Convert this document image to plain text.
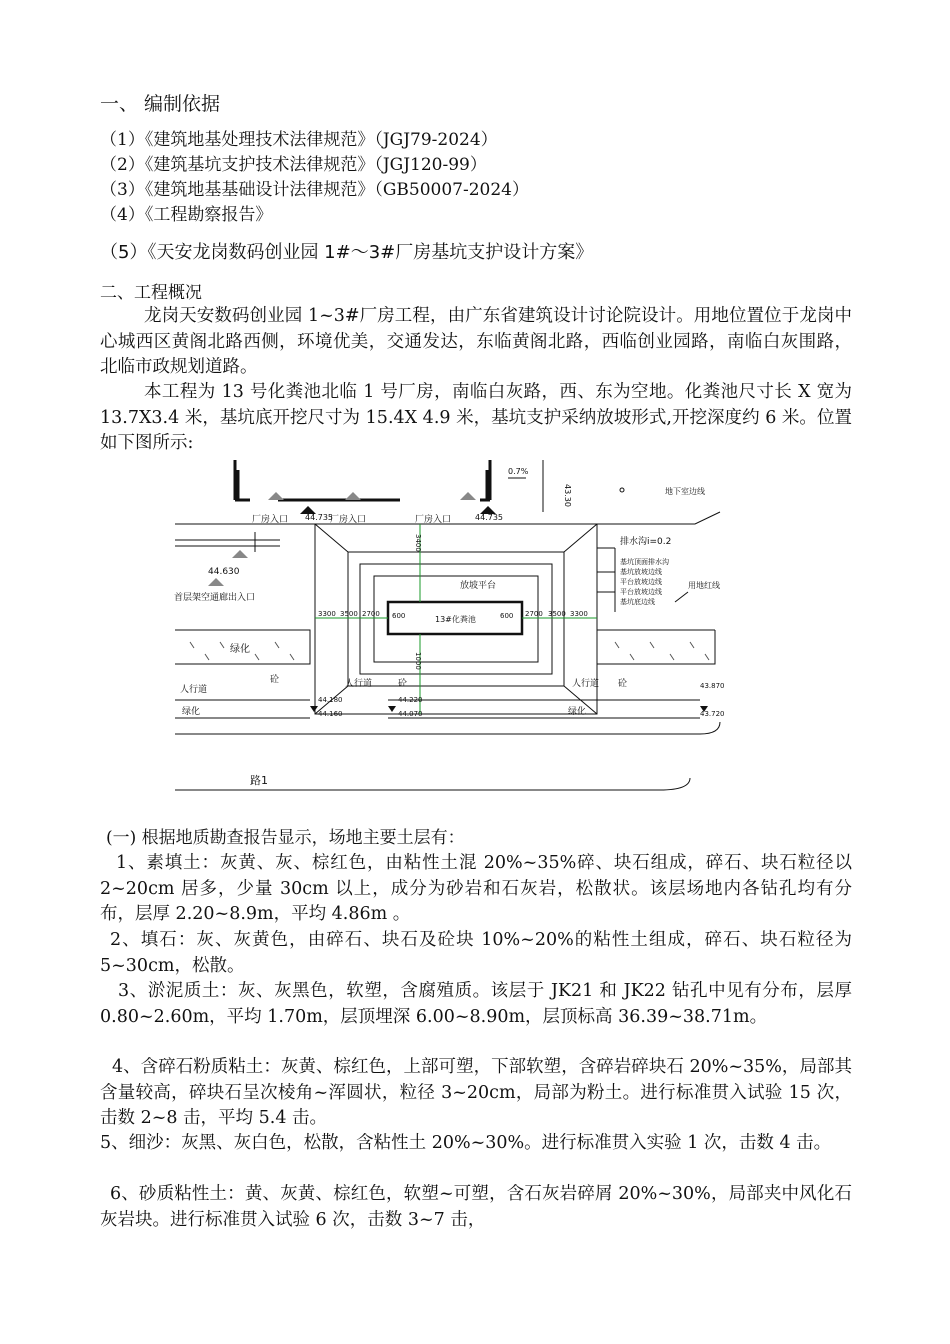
一、 编制依据
（1）《建筑地基处理技术法律规范》（JGJ79-2024）
（2）《建筑基坑支护技术法律规范》（JGJ120-99）
（3）《建筑地基基础设计法律规范》（GB50007-2024）
（4）《工程勘察报告》
（5）《天安龙岗数码创业园 1#～3#厂房基坑支护设计方案》
二、工程概况
龙岗天安数码创业园 1~3#厂房工程，由广东省建筑设计讨论院设计。用地位置位于龙岗中心城西区黄阁北路西侧，环境优美，交通发达，东临黄阁北路，西临创业园路，南临白灰围路，北临市政规划道路。
本工程为 13 号化粪池北临 1 号厂房，南临白灰路，西、东为空地。化粪池尺寸长 X 宽为 13.7X3.4 米，基坑底开挖尺寸为 15.4X 4.9 米，基坑支护采纳放坡形式,开挖深度约 6 米。位置如下图所示:
厂房入口	厂房入口	厂房入口
44.735	44.735
0.7%
43.30	地下室边线
44.630
首层架空通廊出入口
13#化粪池
放坡平台
3300 3500 2700 600	600 2700 3500 3300
3400
1000
排水沟i=0.2
基坑顶面排水沟
基坑放坡边线
平台放坡边线
平台放坡边线
基坑底边线
用地红线
绿化
人行道
人行道	人行道
砼	砼	砼
绿化	绿化
44.180
44.160
44.220
44.070
43.870
43.720
路1
(一) 根据地质勘查报告显示，场地主要土层有：
1、素填土：灰黄、灰、棕红色，由粘性土混 20%~35%碎、块石组成，碎石、块石粒径以 2~20cm 居多，少量 30cm 以上，成分为砂岩和石灰岩，松散状。该层场地内各钻孔均有分布，层厚 2.20~8.9m，平均 4.86m 。
2、填石：灰、灰黄色，由碎石、块石及砼块 10%~20%的粘性土组成，碎石、块石粒径为 5~30cm，松散。
3、淤泥质土：灰、灰黑色，软塑，含腐殖质。该层于 JK21 和 JK22 钻孔中见有分布，层厚 0.80~2.60m，平均 1.70m，层顶埋深 6.00~8.90m，层顶标高 36.39~38.71m。
4、含碎石粉质粘土：灰黄、棕红色，上部可塑，下部软塑，含碎岩碎块石 20%~35%，局部其含量较高，碎块石呈次棱角~浑圆状，粒径 3~20cm，局部为粉土。进行标准贯入试验 15 次，击数 2~8 击，平均 5.4 击。
5、细沙：灰黑、灰白色，松散，含粘性土 20%~30%。进行标准贯入实验 1 次，击数 4 击。
6、砂质粘性土：黄、灰黄、棕红色，软塑~可塑，含石灰岩碎屑 20%~30%，局部夹中风化石灰岩块。进行标准贯入试验 6 次，击数 3~7 击，
